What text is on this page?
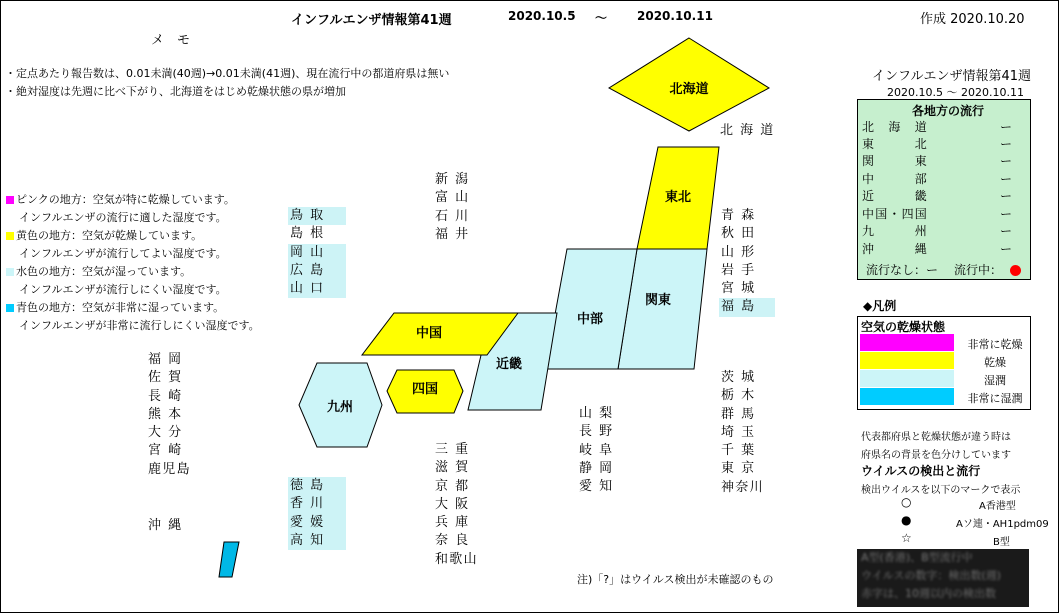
インフルエンザ情報第41週	2020.10.5 ～ 2020.10.11	作成 2020.10.20
メ　モ
・定点あたり報告数は、0.01未満(40週)→0.01未満(41週)、現在流行中の都道府県は無い
・絶対湿度は先週に比べ下がり、北海道をはじめ乾燥状態の県が増加
ピンクの地方：空気が特に乾燥しています。
インフルエンザの流行に適した湿度です。
黄色の地方：空気が乾燥しています。
インフルエンザが流行してよい湿度です。
水色の地方：空気が湿っています。
インフルエンザが流行しにくい湿度です。
青色の地方：空気が非常に湿っています。
インフルエンザが非常に流行しにくい湿度です。
北海道
東北
関東
中部
近畿
中国
四国
九州
北海道
福岡
佐賀
長崎
熊本
大分
宮崎
鹿児島
沖縄
鳥取
島根
岡山
広島
山口
徳島
香川
愛媛
高知
新潟
富山
石川
福井
三重
滋賀
京都
大阪
兵庫
奈良
和歌山
山梨
長野
岐阜
静岡
愛知
青森
秋田
山形
岩手
宮城
福島
茨城
栃木
群馬
埼玉
千葉
東京
神奈川
注)「?」はウイルス検出が未確認のもの
インフルエンザ情報第41週
2020.10.5 ～ 2020.10.11
各地方の流行
北　海　道	ー
東　　　北	ー
関　　　東	ー
中　　　部	ー
近　　　畿	ー
中国・四国	ー
九　　　州	ー
沖　　　縄	ー
流行なし：ー 流行中：
◆凡例
空気の乾燥状態
非常に乾燥
乾燥
湿潤
非常に湿潤
代表都府県と乾燥状態が違う時は
府県名の背景を色分けしています
ウイルスの検出と流行
検出ウイルスを以下のマークで表示
○	A香港型
●	Aソ連・AH1pdm09
☆	B型
A型(香港)、B型流行中
ウイルスの数字：検出数(週)
赤字は、10週以内の検出数
